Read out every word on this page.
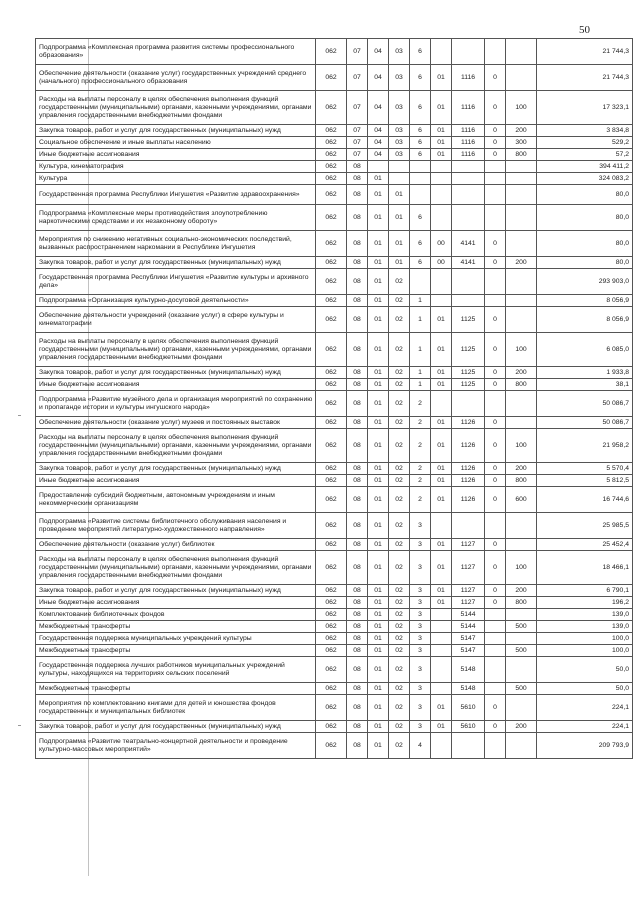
50
Подпрограмма «Комплексная программа развития системы профессионального образования»	062	07	04	03	6					21 744,3
Обеспечение деятельности (оказание услуг) государственных учреждений среднего (начального) профессионального образования	062	07	04	03	6	01	1116	0		21 744,3
Расходы на выплаты персоналу в целях обеспечения выполнения функций государственными (муниципальными) органами, казенными учреждениями, органами управления государственными внебюджетными фондами	062	07	04	03	6	01	1116	0	100	17 323,1
Закупка товаров, работ и услуг для государственных (муниципальных) нужд	062	07	04	03	6	01	1116	0	200	3 834,8
Социальное обеспечение и иные выплаты населению	062	07	04	03	6	01	1116	0	300	529,2
Иные бюджетные ассигнования	062	07	04	03	6	01	1116	0	800	57,2
Культура, кинематография	062	08								394 411,2
Культура	062	08	01							324 083,2
Государственная программа Республики Ингушетия «Развитие здравоохранения»	062	08	01	01						80,0
Подпрограмма «Комплексные меры противодействия злоупотреблению наркотическими средствами и их незаконному обороту»	062	08	01	01	6					80,0
Мероприятия по снижению негативных социально-экономических последствий, вызванных распространением наркомании в Республике Ингушетия	062	08	01	01	6	00	4141	0		80,0
Закупка товаров, работ и услуг для государственных (муниципальных) нужд	062	08	01	01	6	00	4141	0	200	80,0
Государственная программа Республики Ингушетия «Развитие культуры и архивного дела»	062	08	01	02						293 903,0
Подпрограмма «Организация культурно-досуговой деятельности»	062	08	01	02	1					8 056,9
Обеспечение деятельности учреждений (оказание услуг) в сфере культуры и кинематографии	062	08	01	02	1	01	1125	0		8 056,9
Расходы на выплаты персоналу в целях обеспечения выполнения функций государственными (муниципальными) органами, казенными учреждениями, органами управления государственными внебюджетными фондами	062	08	01	02	1	01	1125	0	100	6 085,0
Закупка товаров, работ и услуг для государственных (муниципальных) нужд	062	08	01	02	1	01	1125	0	200	1 933,8
Иные бюджетные ассигнования	062	08	01	02	1	01	1125	0	800	38,1
Подпрограмма «Развитие музейного дела и организация мероприятий по сохранению и пропаганде истории и культуры ингушского народа»	062	08	01	02	2					50 086,7
Обеспечение деятельности (оказание услуг) музеев и постоянных выставок	062	08	01	02	2	01	1126	0		50 086,7
Расходы на выплаты персоналу в целях обеспечения выполнения функций государственными (муниципальными) органами, казенными учреждениями, органами управления государственными внебюджетными фондами	062	08	01	02	2	01	1126	0	100	21 958,2
Закупка товаров, работ и услуг для государственных (муниципальных) нужд	062	08	01	02	2	01	1126	0	200	5 570,4
Иные бюджетные ассигнования	062	08	01	02	2	01	1126	0	800	5 812,5
Предоставление субсидий бюджетным, автономным учреждениям и иным некоммерческим организациям	062	08	01	02	2	01	1126	0	600	16 744,6
Подпрограмма «Развитие системы библиотечного обслуживания населения и проведение мероприятий литературно-художественного направления»	062	08	01	02	3					25 985,5
Обеспечение деятельности (оказание услуг) библиотек	062	08	01	02	3	01	1127	0		25 452,4
Расходы на выплаты персоналу в целях обеспечения выполнения функций государственными (муниципальными) органами, казенными учреждениями, органами управления государственными внебюджетными фондами	062	08	01	02	3	01	1127	0	100	18 466,1
Закупка товаров, работ и услуг для государственных (муниципальных) нужд	062	08	01	02	3	01	1127	0	200	6 790,1
Иные бюджетные ассигнования	062	08	01	02	3	01	1127	0	800	196,2
Комплектование библиотечных фондов	062	08	01	02	3		5144			139,0
Межбюджетные трансферты	062	08	01	02	3		5144		500	139,0
Государственная поддержка муниципальных учреждений культуры	062	08	01	02	3		5147			100,0
Межбюджетные трансферты	062	08	01	02	3		5147		500	100,0
Государственная поддержка лучших работников муниципальных учреждений культуры, находящихся на территориях сельских поселений	062	08	01	02	3		5148			50,0
Межбюджетные трансферты	062	08	01	02	3		5148		500	50,0
Мероприятия по комплектованию книгами для детей и юношества фондов государственных и муниципальных библиотек	062	08	01	02	3	01	5610	0		224,1
Закупка товаров, работ и услуг для государственных (муниципальных) нужд	062	08	01	02	3	01	5610	0	200	224,1
Подпрограмма «Развитие театрально-концертной деятельности и проведение культурно-массовых мероприятий»	062	08	01	02	4					209 793,9
